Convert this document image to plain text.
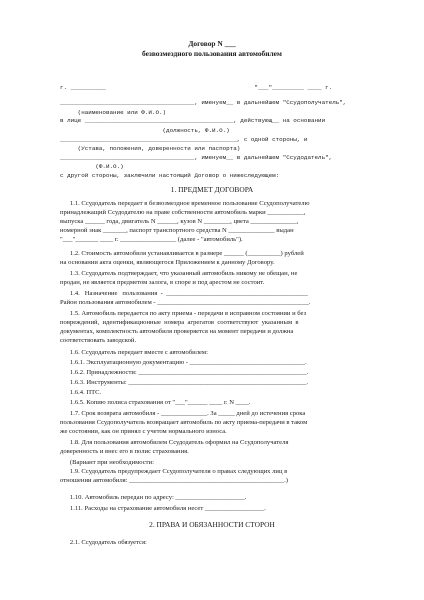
Договор N ___
безвозмездного пользования автомобилем
г. __________                                          "___"_________ ____ г.
______________________________________, именуем__ в дальнейшем "Ссудополучатель",
(наименование или Ф.И.О.)
в лице __________________________________________, действующ__ на основании
(должность, Ф.И.О.)
__________________________________________________, с одной стороны, и
(Устава, положения, доверенности или паспорта)
______________________________________, именуем__ в дальнейшем "Ссудодатель",
(Ф.И.О.)
с другой стороны, заключили настоящий Договор о нижеследующем:
1. ПРЕДМЕТ ДОГОВОРА
1.1. Ссудодатель передает в безвозмездное временное пользование Ссудополучателю
принадлежащий Ссудодателю на праве собственности автомобиль марки ___________,
выпуска ______ года, двигатель N ______, кузов N ________, цвета ______________,
номерной знак _______, паспорт транспортного средства N ______________ выдан
"___"_______ ____ г. _________________ (далее - "автомобиль").
1.2. Стоимость автомобиля устанавливается в размере ______ (__________) рублей
на основании акта оценки, являющегося Приложением к данному Договору.
1.3. Ссудодатель подтверждает, что указанный автомобиль никому не обещан, не
продан, не является предметом залога, в споре и под арестом не состоит.
1.4.   Назначение   пользования  -  ___________________________________________
Район пользования автомобилем - ______________________________________________.
1.5. Автомобиль передается по акту приема - передачи в исправном состоянии и без
повреждений,  идентификационные  номера  агрегатов  соответствуют  указанным  в
документах, комплектность автомобиля проверяется на момент передачи и должна
соответствовать заводской.
1.6. Ссудодатель передает вместе с автомобилем:
1.6.1. Эксплуатационную документацию - ___________________________________.
1.6.2. Принадлежности: ___________________________________________________.
1.6.3. Инструменты: ______________________________________________________.
1.6.4. ПТС.
1.6.5. Копию полиса страхования от "___"______ ____ г. N ____.
1.7. Срок возврата автомобиля - ______________. За _____ дней до истечения срока
пользования Ссудополучатель возвращает автомобиль по акту приема-передачи в таком
же состоянии, как он принял с учетом нормального износа.
1.8. Для пользования автомобилем Ссудодатель оформил на Ссудополучателя
доверенность и внес его в полис страхования.
(Вариант при необходимости:
1.9. Ссудодатель предупреждает Ссудополучателя о правах следующих лиц в
отношении автомобиля: _______________________________________________.)
1.10. Автомобиль передан по адресу: _____________________.
1.11. Расходы на страхование автомобиля несет __________________.
2. ПРАВА И ОБЯЗАННОСТИ СТОРОН
2.1. Ссудодатель обязуется:
